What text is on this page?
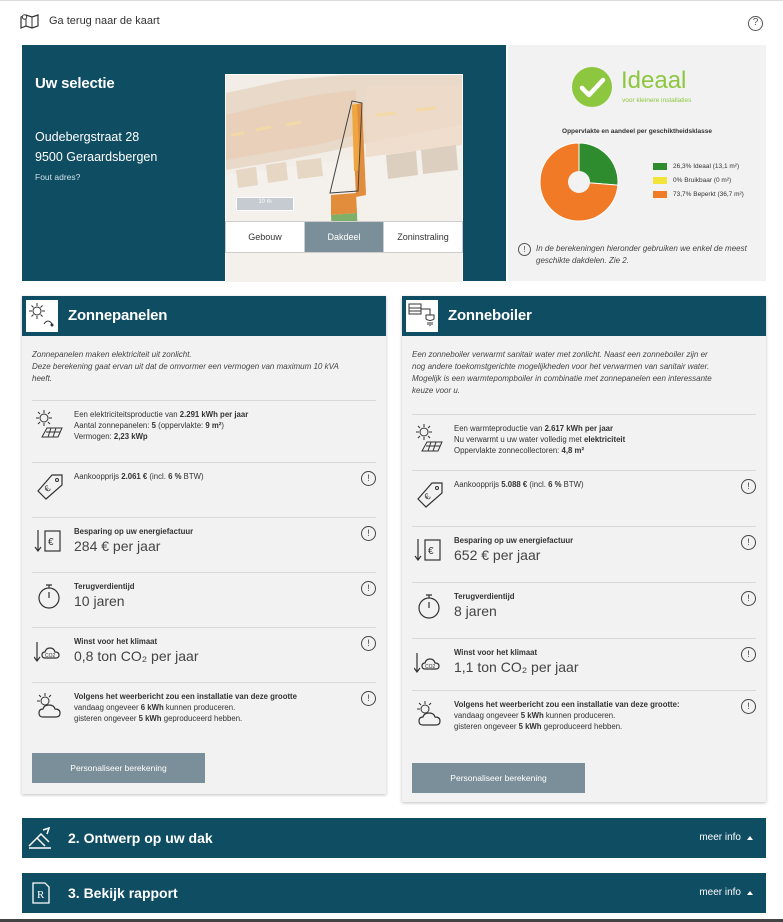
Ga terug naar de kaart	?
Uw selectie
Oudebergstraat 28
9500 Geraardsbergen
Fout adres?
10 m
Gebouw	Dakdeel	Zoninstraling
Ideaal
voor kleinere installaties
Oppervlakte en aandeel per geschiktheidsklasse
26,3% Ideaal (13,1 m²)
0% Bruikbaar (0 m²)
73,7% Beperkt (36,7 m²)
!	In de berekeningen hieronder gebruiken we enkel de meest geschikte dakdelen. Zie 2.
Zonnepanelen
Zonnepanelen maken elektriciteit uit zonlicht.
Deze berekening gaat ervan uit dat de omvormer een vermogen van maximum 10 kVA
heeft.
Een elektriciteitsproductie van 2.291 kWh per jaar
Aantal zonnepanelen: 5 (oppervlakte: 9 m²)
Vermogen: 2,23 kWp
€
Aankoopprijs 2.061 € (incl. 6 % BTW)	!
€
Besparing op uw energiefactuur
284 € per jaar
!
Terugverdientijd
10 jaren
!
CO2
Winst voor het klimaat
0,8 ton CO₂ per jaar
!
Volgens het weerbericht zou een installatie van deze grootte
vandaag ongeveer 6 kWh kunnen produceren.
gisteren ongeveer 5 kWh geproduceerd hebben.
!
Personaliseer berekening
Zonneboiler
Een zonneboiler verwarmt sanitair water met zonlicht. Naast een zonneboiler zijn er
nog andere toekomstgerichte mogelijkheden voor het verwarmen van sanitair water.
Mogelijk is een warmtepompboiler in combinatie met zonnepanelen een interessante
keuze voor u.
Een warmteproductie van 2.617 kWh per jaar
Nu verwarmt u uw water volledig met elektriciteit
Oppervlakte zonnecollectoren: 4,8 m²
€
Aankoopprijs 5.088 € (incl. 6 % BTW)	!
€
Besparing op uw energiefactuur
652 € per jaar
!
Terugverdientijd
8 jaren
!
CO2
Winst voor het klimaat
1,1 ton CO₂ per jaar
!
Volgens het weerbericht zou een installatie van deze grootte:
vandaag ongeveer 5 kWh kunnen produceren.
gisteren ongeveer 5 kWh geproduceerd hebben.
!
Personaliseer berekening
2. Ontwerp op uw dak	meer info
R 3. Bekijk rapport	meer info
